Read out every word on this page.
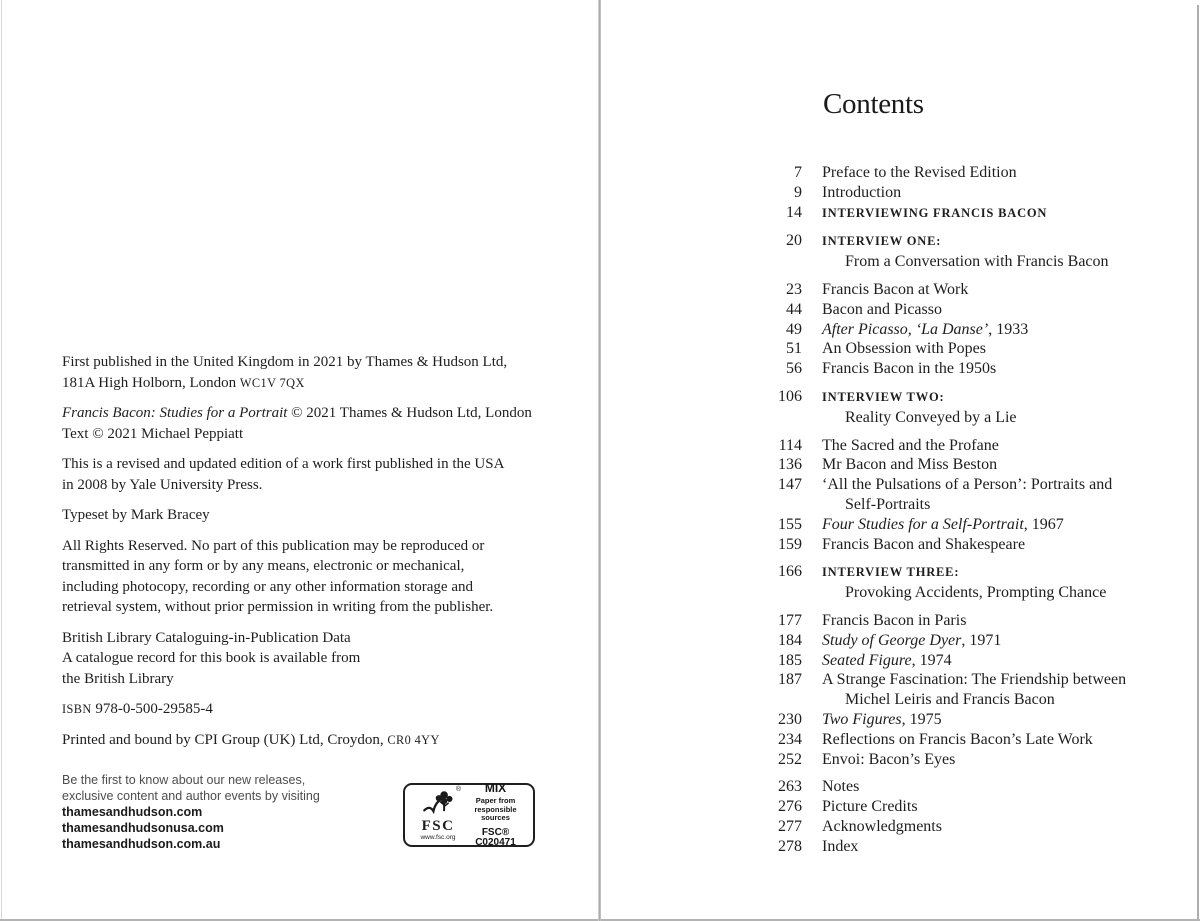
First published in the United Kingdom in 2021 by Thames & Hudson Ltd,
181A High Holborn, London WC1V 7QX

Francis Bacon: Studies for a Portrait © 2021 Thames & Hudson Ltd, London
Text © 2021 Michael Peppiatt

This is a revised and updated edition of a work first published in the USA
in 2008 by Yale University Press.

Typeset by Mark Bracey

All Rights Reserved. No part of this publication may be reproduced or
transmitted in any form or by any means, electronic or mechanical,
including photocopy, recording or any other information storage and
retrieval system, without prior permission in writing from the publisher.

British Library Cataloguing-in-Publication Data
A catalogue record for this book is available from
the British Library

ISBN 978-0-500-29585-4

Printed and bound by CPI Group (UK) Ltd, Croydon, CR0 4YY

Be the first to know about our new releases,
exclusive content and author events by visiting
thamesandhudson.com
thamesandhudsonusa.com
thamesandhudson.com.au
®
FSC
www.fsc.org
MIX
Paper from
responsible sources
FSC® C020471
Contents
7	Preface to the Revised Edition
9	Introduction
14	INTERVIEWING FRANCIS BACON
20	INTERVIEW ONE:
From a Conversation with Francis Bacon
23	Francis Bacon at Work
44	Bacon and Picasso
49	After Picasso, ‘La Danse’, 1933
51	An Obsession with Popes
56	Francis Bacon in the 1950s
106	INTERVIEW TWO:
Reality Conveyed by a Lie
114	The Sacred and the Profane
136	Mr Bacon and Miss Beston
147	‘All the Pulsations of a Person’: Portraits and
Self-Portraits
155	Four Studies for a Self-Portrait, 1967
159	Francis Bacon and Shakespeare
166	INTERVIEW THREE:
Provoking Accidents, Prompting Chance
177	Francis Bacon in Paris
184	Study of George Dyer, 1971
185	Seated Figure, 1974
187	A Strange Fascination: The Friendship between
Michel Leiris and Francis Bacon
230	Two Figures, 1975
234	Reflections on Francis Bacon’s Late Work
252	Envoi: Bacon’s Eyes
263	Notes
276	Picture Credits
277	Acknowledgments
278	Index
